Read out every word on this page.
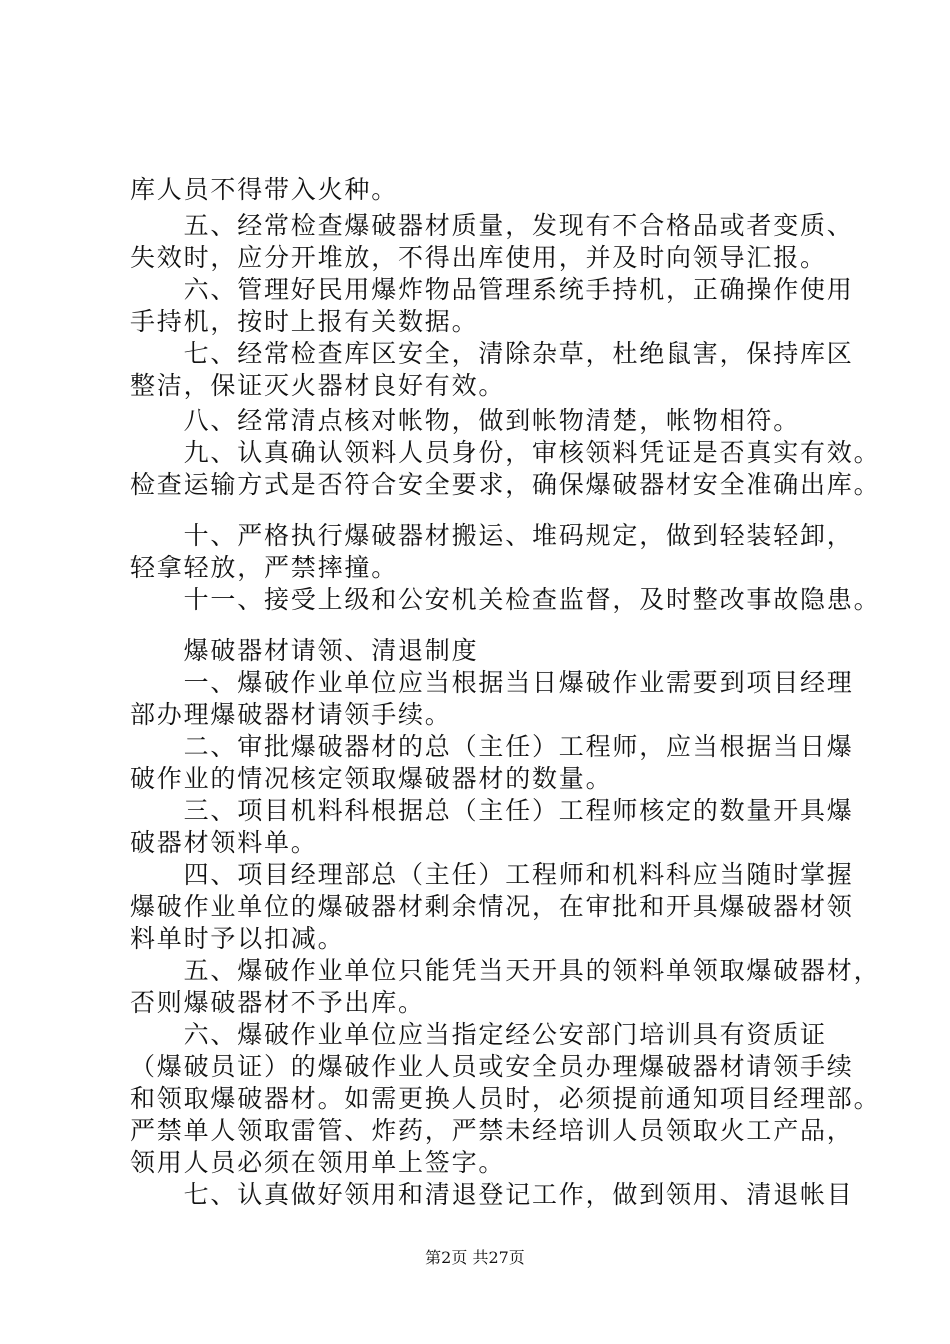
库人员不得带入火种。

　　五、经常检查爆破器材质量，发现有不合格品或者变质、

失效时，应分开堆放，不得出库使用，并及时向领导汇报。

　　六、管理好民用爆炸物品管理系统手持机，正确操作使用

手持机，按时上报有关数据。

　　七、经常检查库区安全，清除杂草，杜绝鼠害，保持库区

整洁，保证灭火器材良好有效。

　　八、经常清点核对帐物，做到帐物清楚，帐物相符。

　　九、认真确认领料人员身份，审核领料凭证是否真实有效。

检查运输方式是否符合安全要求，确保爆破器材安全准确出库。

　　十、严格执行爆破器材搬运、堆码规定，做到轻装轻卸，

轻拿轻放，严禁摔撞。

　　十一、接受上级和公安机关检查监督，及时整改事故隐患。

　　爆破器材请领、清退制度

　　一、爆破作业单位应当根据当日爆破作业需要到项目经理

部办理爆破器材请领手续。

　　二、审批爆破器材的总（主任）工程师，应当根据当日爆

破作业的情况核定领取爆破器材的数量。

　　三、项目机料科根据总（主任）工程师核定的数量开具爆

破器材领料单。

　　四、项目经理部总（主任）工程师和机料科应当随时掌握

爆破作业单位的爆破器材剩余情况，在审批和开具爆破器材领

料单时予以扣减。

　　五、爆破作业单位只能凭当天开具的领料单领取爆破器材，

否则爆破器材不予出库。

　　六、爆破作业单位应当指定经公安部门培训具有资质证

（爆破员证）的爆破作业人员或安全员办理爆破器材请领手续

和领取爆破器材。如需更换人员时，必须提前通知项目经理部。

严禁单人领取雷管、炸药，严禁未经培训人员领取火工产品，

领用人员必须在领用单上签字。

　　七、认真做好领用和清退登记工作，做到领用、清退帐目

第2页 共27页
